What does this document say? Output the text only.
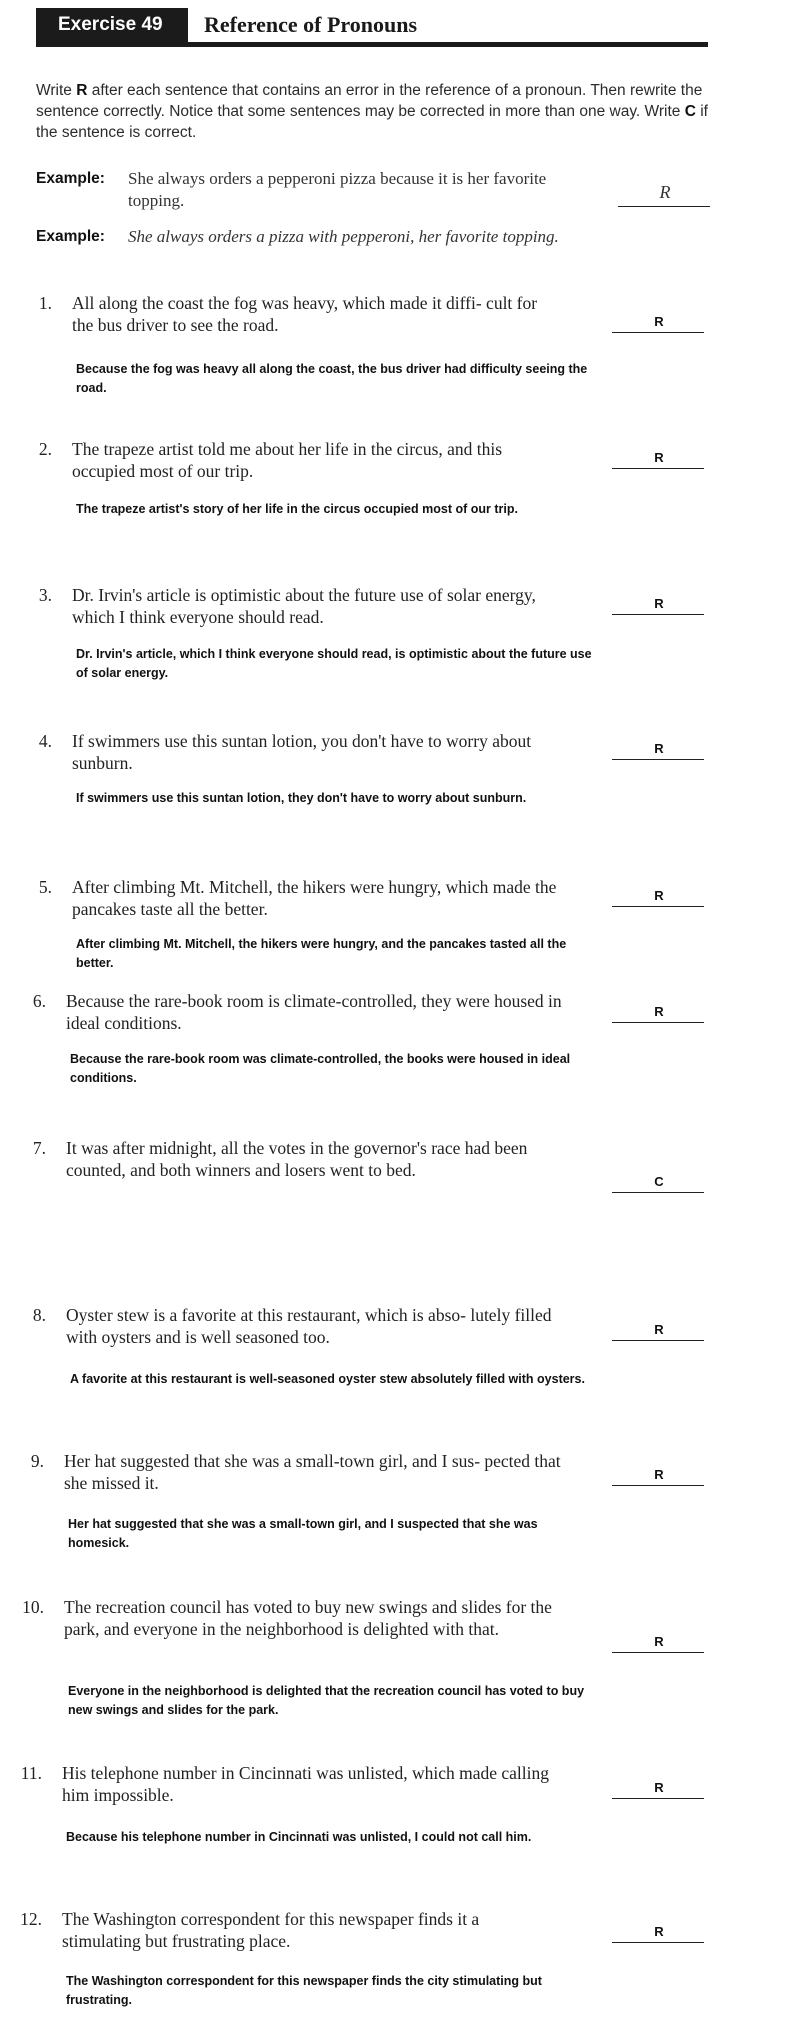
Exercise 49	Reference of Pronouns
Write R after each sentence that contains an error in the reference of a pronoun. Then rewrite the sentence correctly. Notice that some sentences may be corrected in more than one way. Write C if the sentence is correct.
Example: She always orders a pepperoni pizza because it is her favorite topping.	R
Example: She always orders a pizza with pepperoni, her favorite topping.
1. All along the coast the fog was heavy, which made it diffi- cult for the bus driver to see the road.	R
Because the fog was heavy all along the coast, the bus driver had difficulty seeing the road.
2. The trapeze artist told me about her life in the circus, and this occupied most of our trip.
R
The trapeze artist's story of her life in the circus occupied most of our trip.
3. Dr. Irvin's article is optimistic about the future use of solar energy, which I think everyone should read.
R
Dr. Irvin's article, which I think everyone should read, is optimistic about the future use of solar energy.
4. If swimmers use this suntan lotion, you don't have to worry about sunburn.
R
If swimmers use this suntan lotion, they don't have to worry about sunburn.
5. After climbing Mt. Mitchell, the hikers were hungry, which made the pancakes taste all the better.
R
After climbing Mt. Mitchell, the hikers were hungry, and the pancakes tasted all the better.
6. Because the rare-book room is climate-controlled, they were housed in ideal conditions.
R
Because the rare-book room was climate-controlled, the books were housed in ideal conditions.
7. It was after midnight, all the votes in the governor's race had been counted, and both winners and losers went to bed.
C
8. Oyster stew is a favorite at this restaurant, which is abso- lutely filled with oysters and is well seasoned too.	R
A favorite at this restaurant is well-seasoned oyster stew absolutely filled with oysters.
9. Her hat suggested that she was a small-town girl, and I sus- pected that she missed it.	R
Her hat suggested that she was a small-town girl, and I suspected that she was homesick.
10. The recreation council has voted to buy new swings and slides for the park, and everyone in the neighborhood is delighted with that.
R
Everyone in the neighborhood is delighted that the recreation council has voted to buy new swings and slides for the park.
11. His telephone number in Cincinnati was unlisted, which made calling him impossible.	R
Because his telephone number in Cincinnati was unlisted, I could not call him.
12. The Washington correspondent for this newspaper finds it a stimulating but frustrating place.	R
The Washington correspondent for this newspaper finds the city stimulating but frustrating.
